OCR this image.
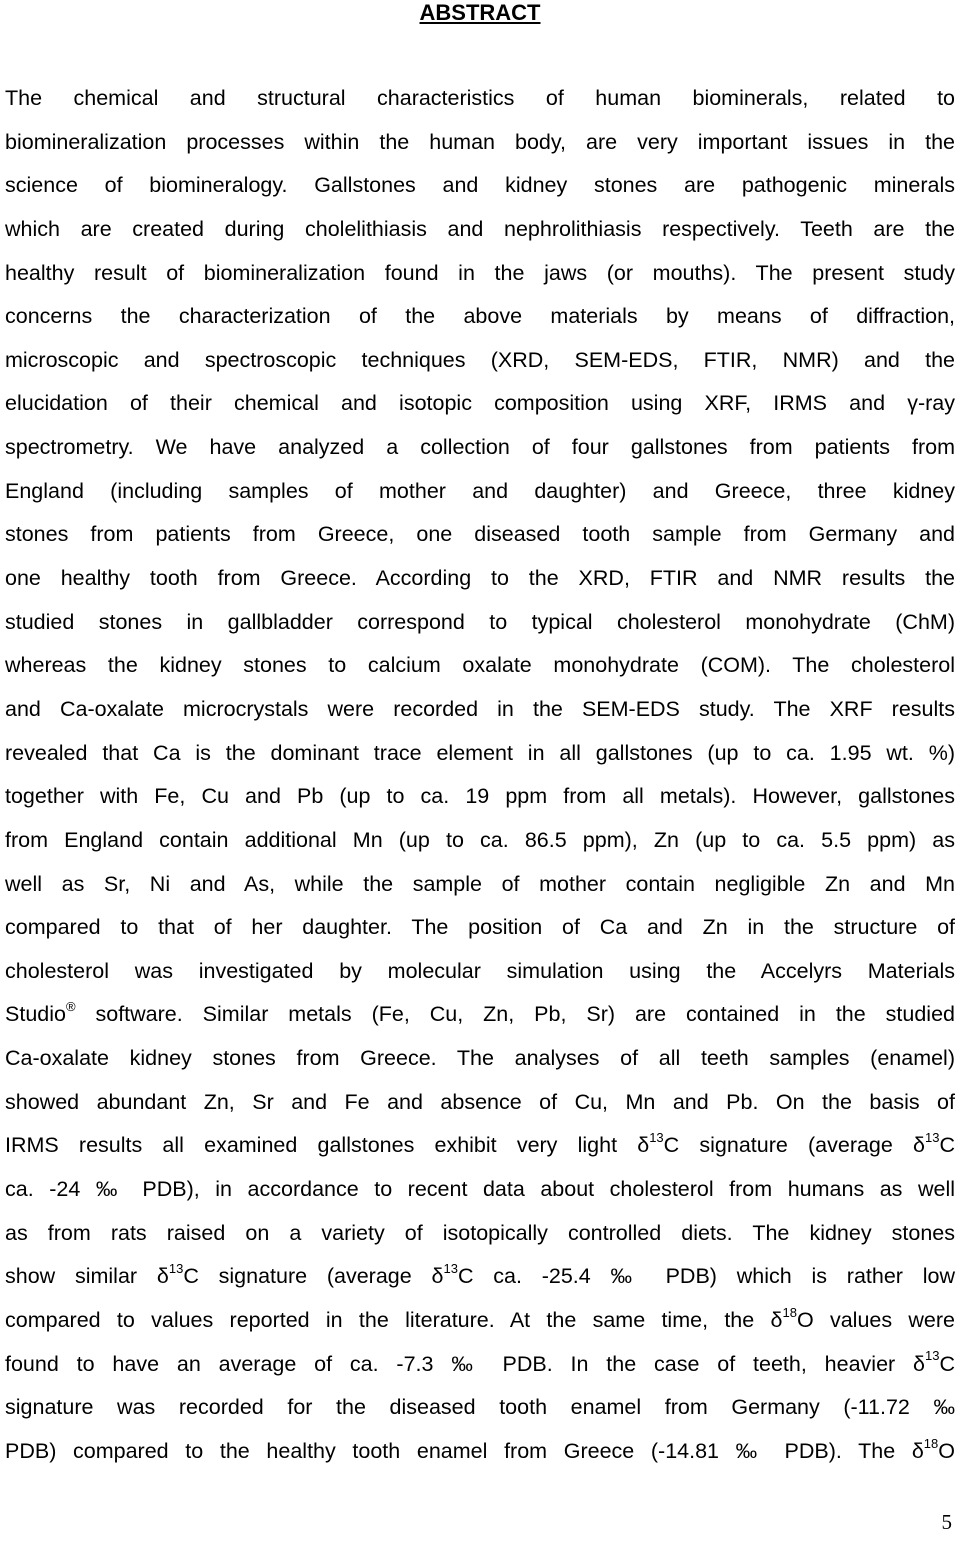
ABSTRACT
The chemical and structural characteristics of human biominerals, related to
biomineralization processes within the human body, are very important issues in the
science of biomineralogy. Gallstones and kidney stones are pathogenic minerals
which are created during cholelithiasis and nephrolithiasis respectively. Teeth are the
healthy result of biomineralization found in the jaws (or mouths). The present study
concerns the characterization of the above materials by means of diffraction,
microscopic and spectroscopic techniques (XRD, SEM-EDS, FTIR, NMR) and the
elucidation of their chemical and isotopic composition using XRF, IRMS and γ-ray
spectrometry. We have analyzed a collection of four gallstones from patients from
England (including samples of mother and daughter) and Greece, three kidney
stones from patients from Greece, one diseased tooth sample from Germany and
one healthy tooth from Greece. According to the XRD, FTIR and NMR results the
studied stones in gallbladder correspond to typical cholesterol monohydrate (ChM)
whereas the kidney stones to calcium oxalate monohydrate (COM). The cholesterol
and Ca-oxalate microcrystals were recorded in the SEM-EDS study. The XRF results
revealed that Ca is the dominant trace element in all gallstones (up to ca. 1.95 wt. %)
together with Fe, Cu and Pb (up to ca. 19 ppm from all metals). However, gallstones
from England contain additional Mn (up to ca. 86.5 ppm), Zn (up to ca. 5.5 ppm) as
well as Sr, Ni and As, while the sample of mother contain negligible Zn and Mn
compared to that of her daughter. The position of Ca and Zn in the structure of
cholesterol was investigated by molecular simulation using the Accelyrs Materials
Studio® software. Similar metals (Fe, Cu, Zn, Pb, Sr) are contained in the studied
Ca-oxalate kidney stones from Greece. The analyses of all teeth samples (enamel)
showed abundant Zn, Sr and Fe and absence of Cu, Mn and Pb. On the basis of
IRMS results all examined gallstones exhibit very light $\delta^{13}C$ signature (average $\delta^{13}C$
ca. -24 ‰ PDB), in accordance to recent data about cholesterol from humans as well
as from rats raised on a variety of isotopically controlled diets. The kidney stones
show similar $\delta^{13}C$ signature (average $\delta^{13}C$ ca. -25.4 ‰ PDB) which is rather low
compared to values reported in the literature. At the same time, the $\delta^{18}O$ values were
found to have an average of ca. -7.3 ‰ PDB. In the case of teeth, heavier $\delta^{13}C$
signature was recorded for the diseased tooth enamel from Germany (-11.72 ‰
PDB) compared to the healthy tooth enamel from Greece (-14.81 ‰ PDB). The $\delta^{18}O$
5
